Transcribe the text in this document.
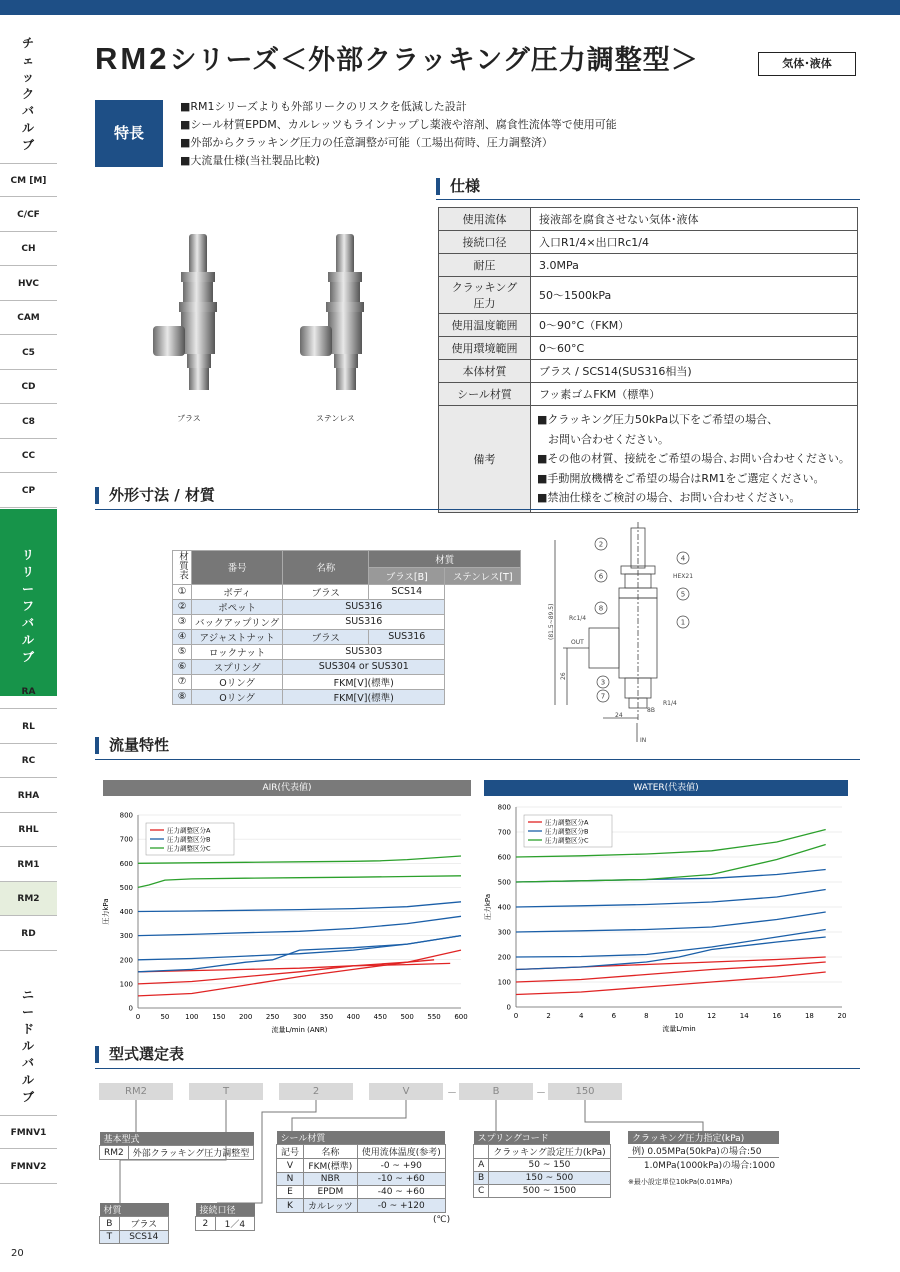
チ
ェ
ッ
ク
バ
ル
ブ
リ
リ
ー
フ
バ
ル
ブ
ニ
ー
ド
ル
バ
ル
ブ
CM [M]
C/CF
CH
HVC
CAM
C5
CD
C8
CC
CP
RA
RL
RC
RHA
RHL
RM1
RM2
RD
FMNV1
FMNV2
20
RM2シリーズ＜外部クラッキング圧力調整型＞	気体･液体
特長
■RM1シリーズよりも外部リークのリスクを低減した設計
■シール材質EPDM、カルレッツもラインナップし薬液や溶剤、腐食性流体等で使用可能
■外部からクラッキング圧力の任意調整が可能（工場出荷時、圧力調整済）
■大流量仕様(当社製品比較)
仕様
使用流体	接液部を腐食させない気体･液体
接続口径	入口R1/4×出口Rc1/4
耐圧	3.0MPa
クラッキング圧力	50～1500kPa
使用温度範囲	0～90°C（FKM）
使用環境範囲	0～60°C
本体材質	ブラス / SCS14(SUS316相当)
シール材質	フッ素ゴムFKM（標準）
備考	■クラッキング圧力50kPa以下をご希望の場合、
　お問い合わせください。
■その他の材質、接続をご希望の場合､お問い合わせください｡
■手動開放機構をご希望の場合はRM1をご選定ください。
■禁油仕様をご検討の場合、お問い合わせください。
ブラス	ステンレス
外形寸法 / 材質
材質表	番号	名称	材質	
			ブラス[B]	ステンレス[T]
①	ボディ	ブラス	SCS14	
②	ポペット	SUS316		
③	バックアップリング	SUS316		
④	アジャストナット	ブラス	SUS316	
⑤	ロックナット	SUS303		
⑥	スプリング	SUS304 or SUS301		
⑦	Oリング	FKM[V](標準)		
⑧	Oリング	FKM[V](標準)		
2
4
6
5
8
1
3
7
HEX21
Rc1/4
OUT
R1/4
IN
8B
24
(81.5~89.5)
26
流量特性
AIR(代表値)	WATER(代表値)
0
100
200
300
400
500
600
700
800
0	50 100 150 200 250 300 350 400 450 500 550 600
流量L/min (ANR)
圧力kPa
圧力調整区分A
圧力調整区分B
圧力調整区分C
0
100
200
300
400
500
600
700
800
0	2	4	6	8	10	12	14	16	18	20
流量L/min
圧力kPa
圧力調整区分A
圧力調整区分B
圧力調整区分C
型式選定表
RM2	T	2	V	－	B	－	150
基本型式
RM2	外部クラッキング圧力調整型
材質	
B	ブラス
T	SCS14
接続口径
2	1／4
シール材質		
記号	名称	使用流体温度(参考)
V	FKM(標準)	-0 ~ +90
N	NBR	-10 ~ +60
E	EPDM	-40 ~ +60
K	カルレッツ	-0 ~ +120
(℃)
スプリングコード	
	クラッキング設定圧力(kPa)
A	50 ~ 150
B	150 ~ 500
C	500 ~ 1500
クラッキング圧力指定(kPa)
例) 0.05MPa(50kPa)の場合:50
　 1.0MPa(1000kPa)の場合:1000
※最小設定単位10kPa(0.01MPa)
